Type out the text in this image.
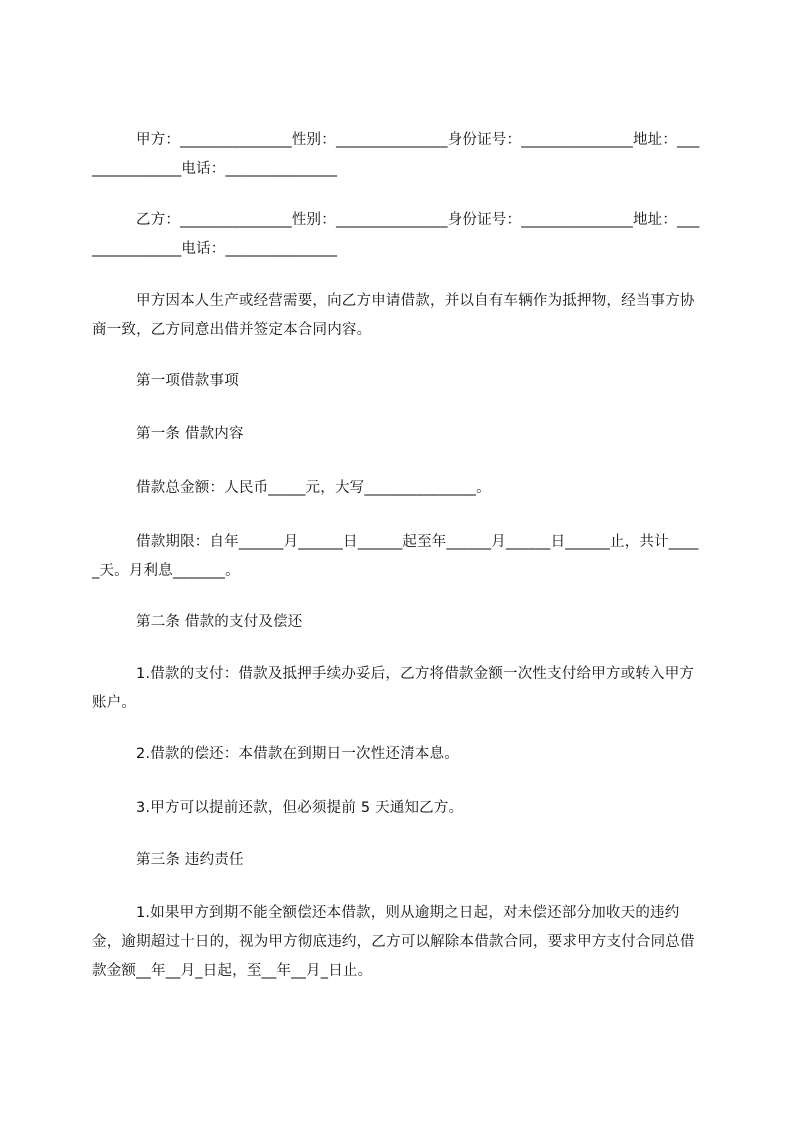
甲方：_______________性别：_______________身份证号：_______________地址：_______________电话：_______________
乙方：_______________性别：_______________身份证号：_______________地址：_______________电话：_______________
甲方因本人生产或经营需要，向乙方申请借款，并以自有车辆作为抵押物，经当事方协商一致，乙方同意出借并签定本合同内容。
第一项借款事项
第一条 借款内容
借款总金额：人民币_____元，大写_______________。
借款期限：自年______月______日______起至年______月______日______止，共计_____天。月利息_______。
第二条 借款的支付及偿还
1.借款的支付：借款及抵押手续办妥后，乙方将借款金额一次性支付给甲方或转入甲方账户。
2.借款的偿还：本借款在到期日一次性还清本息。
3.甲方可以提前还款，但必须提前 5 天通知乙方。
第三条 违约责任
1.如果甲方到期不能全额偿还本借款，则从逾期之日起，对未偿还部分加收天的违约金，逾期超过十日的，视为甲方彻底违约，乙方可以解除本借款合同，要求甲方支付合同总借款金额__年__月_日起，至__年__月_日止。
